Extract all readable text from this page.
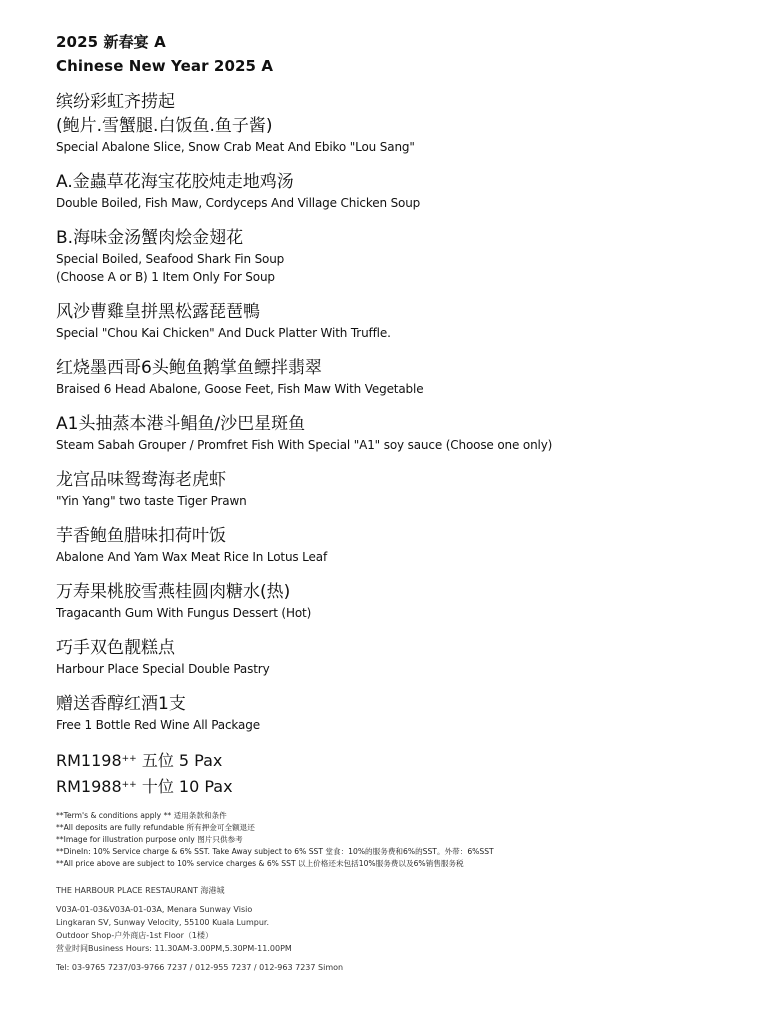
2025 新春宴 A
Chinese New Year 2025 A
缤纷彩虹齐捞起
(鲍片.雪蟹腿.白饭鱼.鱼子酱)
Special Abalone Slice, Snow Crab Meat And Ebiko "Lou Sang"
A.金蟲草花海宝花胶炖走地鸡汤
Double Boiled, Fish Maw, Cordyceps And Village Chicken Soup
B.海味金汤蟹肉烩金翅花
Special Boiled, Seafood Shark Fin Soup
(Choose A or B) 1 Item Only For Soup
风沙曹雞皇拼黑松露琵琶鴨
Special "Chou Kai Chicken" And Duck Platter With Truffle.
红烧墨西哥6头鲍鱼鹅掌鱼鳔拌翡翠
Braised 6 Head Abalone, Goose Feet, Fish Maw With Vegetable
A1头抽蒸本港斗鲳鱼/沙巴星斑鱼
Steam Sabah Grouper / Promfret Fish With Special "A1" soy sauce (Choose one only)
龙宫品味鸳鸯海老虎虾
"Yin Yang" two taste Tiger Prawn
芋香鲍鱼腊味扣荷叶饭
Abalone And Yam Wax Meat Rice In Lotus Leaf
万寿果桃胶雪燕桂圆肉糖水(热)
Tragacanth Gum With Fungus Dessert (Hot)
巧手双色靓糕点
Harbour Place Special Double Pastry
赠送香醇红酒1支
Free 1 Bottle Red Wine All Package
RM1198++ 五位 5 Pax
RM1988++ 十位 10 Pax
**Term's & conditions apply ** 适用条款和条件
**All deposits are fully refundable 所有押金可全额退还
**Image for illustration purpose only 图片只供参考
**DineIn: 10% Service charge & 6% SST. Take Away subject to 6% SST 堂食：10%的服务费和6%的SST。外带：6%SST
**All price above are subject to 10% service charges & 6% SST 以上价格还未包括10%服务费以及6%销售服务税
THE HARBOUR PLACE RESTAURANT 海港城
V03A-01-03&V03A-01-03A, Menara Sunway Visio
Lingkaran SV, Sunway Velocity, 55100 Kuala Lumpur.
Outdoor Shop-户外商店-1st Floor（1楼）
营业时间Business Hours: 11.30AM-3.00PM,5.30PM-11.00PM
Tel: 03-9765 7237/03-9766 7237 / 012-955 7237 / 012-963 7237 Simon
